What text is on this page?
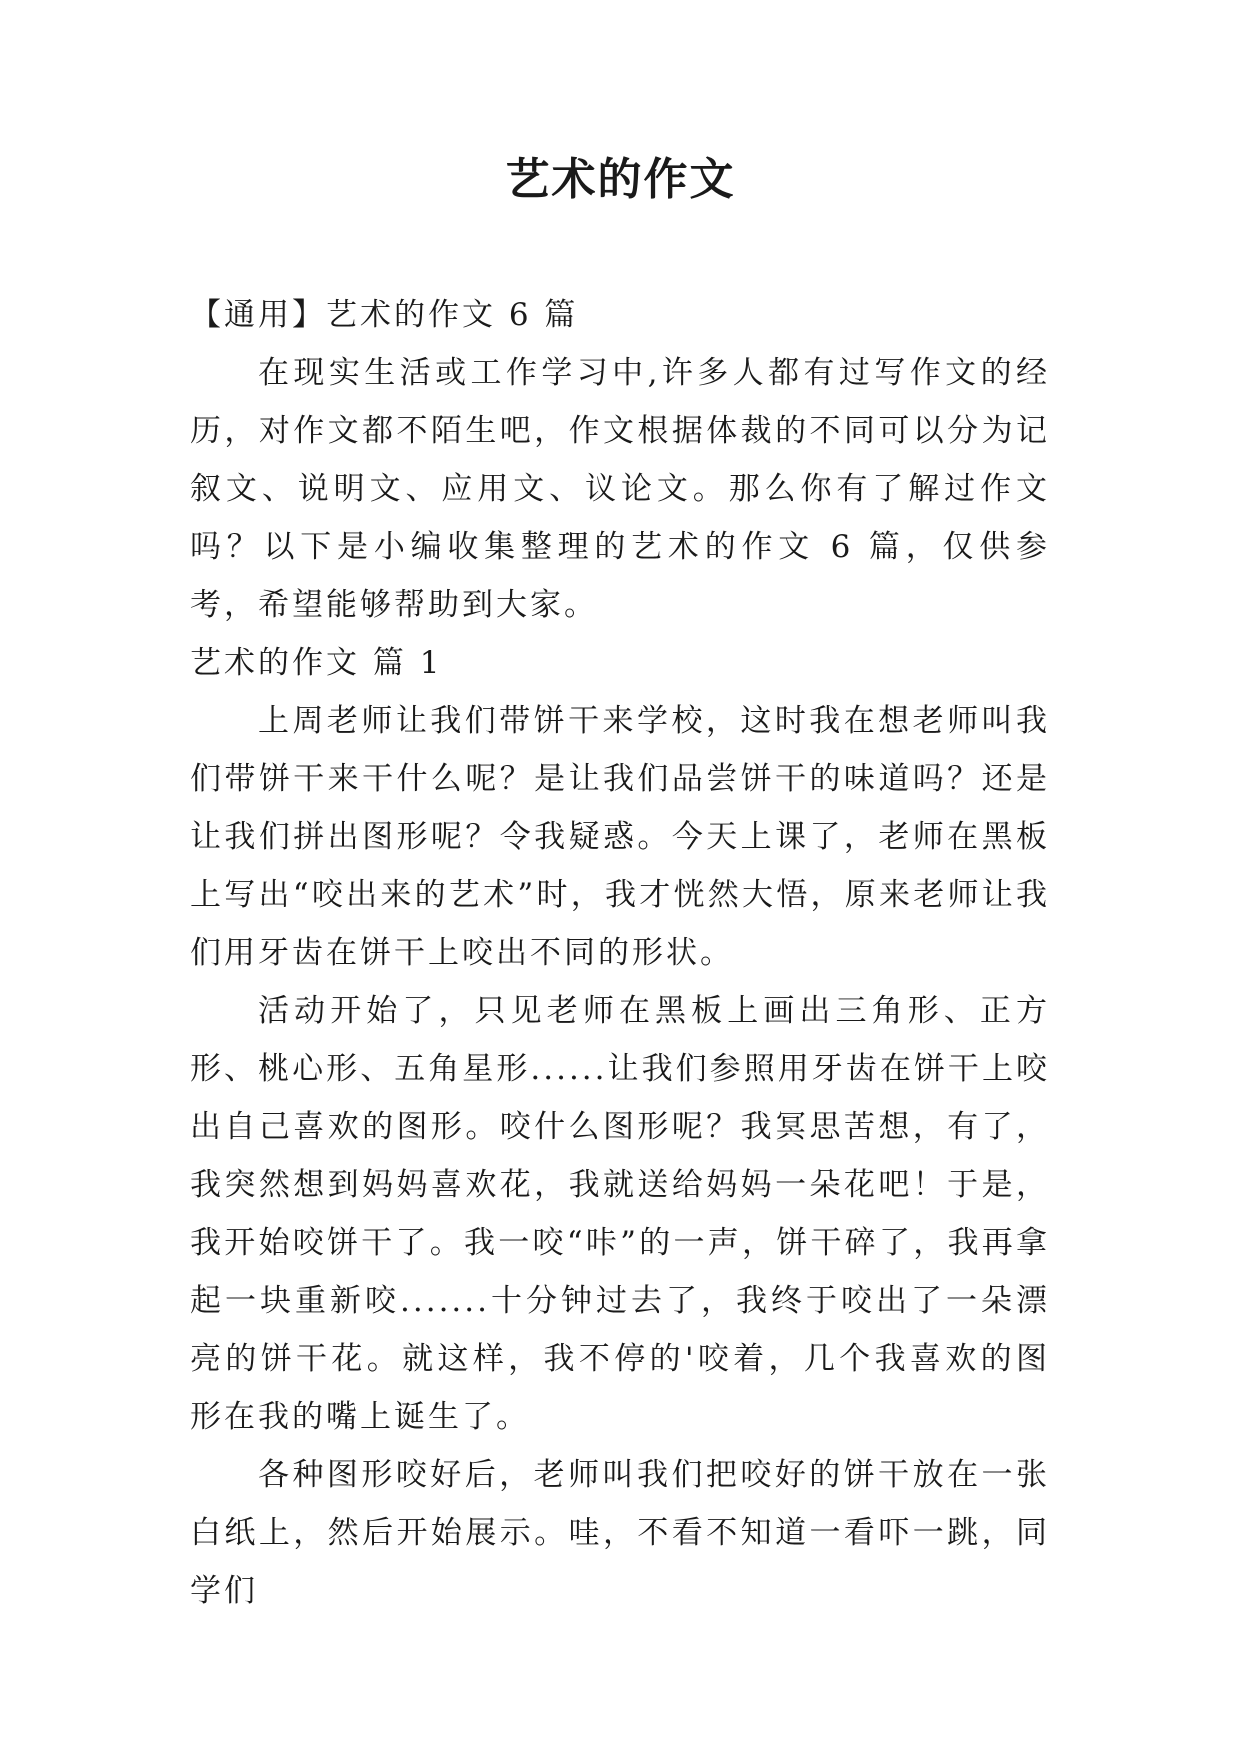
艺术的作文

【通用】艺术的作文 6 篇

在现实生活或工作学习中,许多人都有过写作文的经历，对作文都不陌生吧，作文根据体裁的不同可以分为记叙文、说明文、应用文、议论文。那么你有了解过作文吗？以下是小编收集整理的艺术的作文 6 篇，仅供参考，希望能够帮助到大家。

艺术的作文 篇 1

上周老师让我们带饼干来学校，这时我在想老师叫我们带饼干来干什么呢？是让我们品尝饼干的味道吗？还是让我们拼出图形呢？令我疑惑。今天上课了，老师在黑板上写出“咬出来的艺术”时，我才恍然大悟，原来老师让我们用牙齿在饼干上咬出不同的形状。

活动开始了，只见老师在黑板上画出三角形、正方形、桃心形、五角星形......让我们参照用牙齿在饼干上咬出自己喜欢的图形。咬什么图形呢？我冥思苦想，有了，我突然想到妈妈喜欢花，我就送给妈妈一朵花吧！于是，我开始咬饼干了。我一咬“咔”的一声，饼干碎了，我再拿起一块重新咬.......十分钟过去了，我终于咬出了一朵漂亮的饼干花。就这样，我不停的'咬着，几个我喜欢的图形在我的嘴上诞生了。

各种图形咬好后，老师叫我们把咬好的饼干放在一张白纸上，然后开始展示。哇，不看不知道一看吓一跳，同学们
